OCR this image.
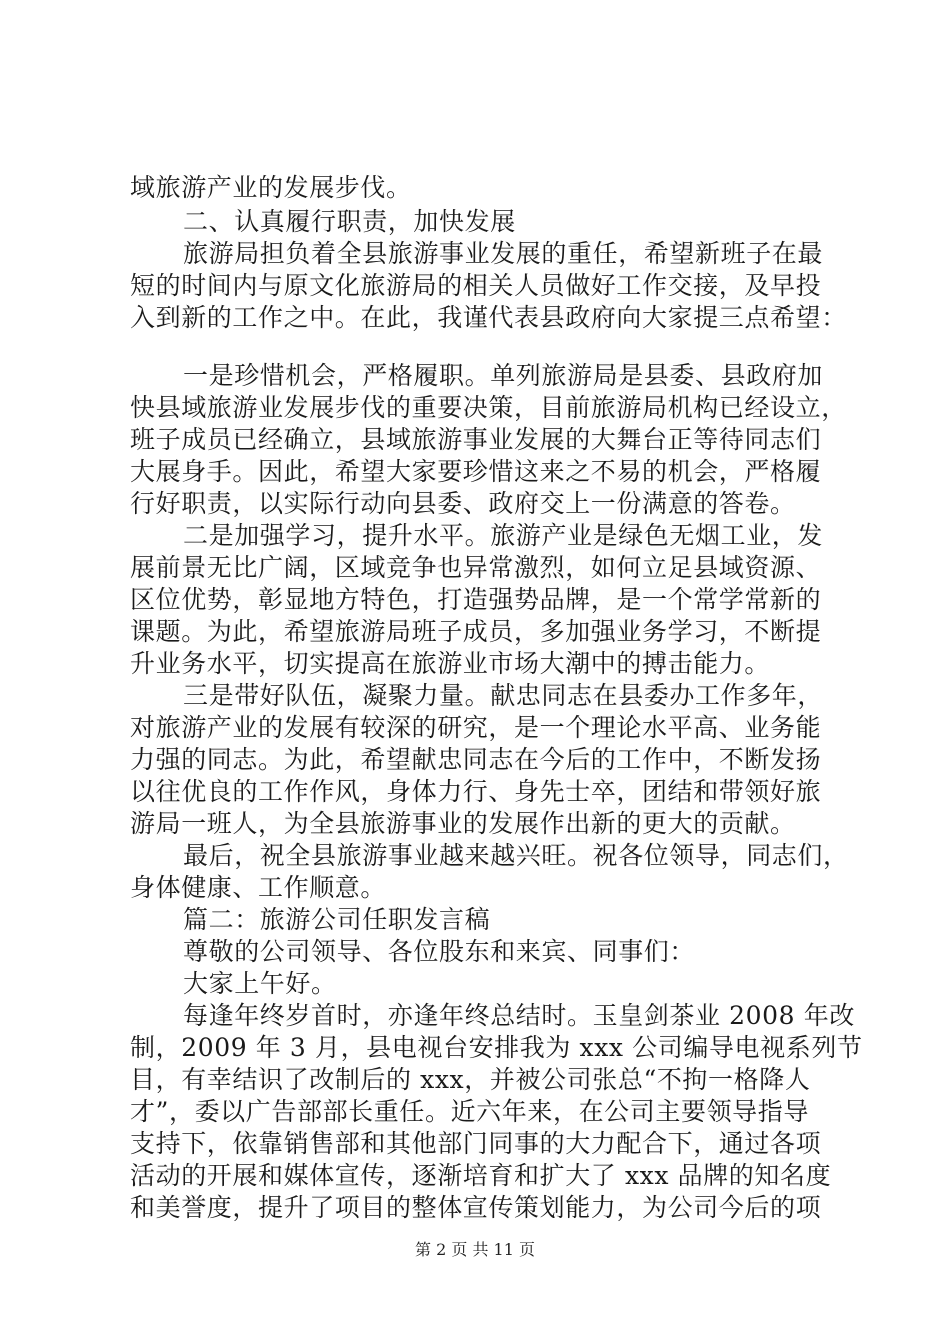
域旅游产业的发展步伐。
二、认真履行职责，加快发展
旅游局担负着全县旅游事业发展的重任，希望新班子在最
短的时间内与原文化旅游局的相关人员做好工作交接，及早投
入到新的工作之中。在此，我谨代表县政府向大家提三点希望：
一是珍惜机会，严格履职。单列旅游局是县委、县政府加
快县域旅游业发展步伐的重要决策，目前旅游局机构已经设立，
班子成员已经确立，县域旅游事业发展的大舞台正等待同志们
大展身手。因此，希望大家要珍惜这来之不易的机会，严格履
行好职责，以实际行动向县委、政府交上一份满意的答卷。
二是加强学习，提升水平。旅游产业是绿色无烟工业，发
展前景无比广阔，区域竞争也异常激烈，如何立足县域资源、
区位优势，彰显地方特色，打造强势品牌，是一个常学常新的
课题。为此，希望旅游局班子成员，多加强业务学习，不断提
升业务水平，切实提高在旅游业市场大潮中的搏击能力。
三是带好队伍，凝聚力量。献忠同志在县委办工作多年，
对旅游产业的发展有较深的研究，是一个理论水平高、业务能
力强的同志。为此，希望献忠同志在今后的工作中，不断发扬
以往优良的工作作风，身体力行、身先士卒，团结和带领好旅
游局一班人，为全县旅游事业的发展作出新的更大的贡献。
最后，祝全县旅游事业越来越兴旺。祝各位领导，同志们，
身体健康、工作顺意。
篇二：旅游公司任职发言稿
尊敬的公司领导、各位股东和来宾、同事们：
大家上午好。
每逢年终岁首时，亦逢年终总结时。玉皇剑茶业 2008 年改
制，2009 年 3 月，县电视台安排我为 xxx 公司编导电视系列节
目，有幸结识了改制后的 xxx，并被公司张总“不拘一格降人
才”，委以广告部部长重任。近六年来，在公司主要领导指导
支持下，依靠销售部和其他部门同事的大力配合下，通过各项
活动的开展和媒体宣传，逐渐培育和扩大了 xxx 品牌的知名度
和美誉度，提升了项目的整体宣传策划能力，为公司今后的项
第 2 页 共 11 页
